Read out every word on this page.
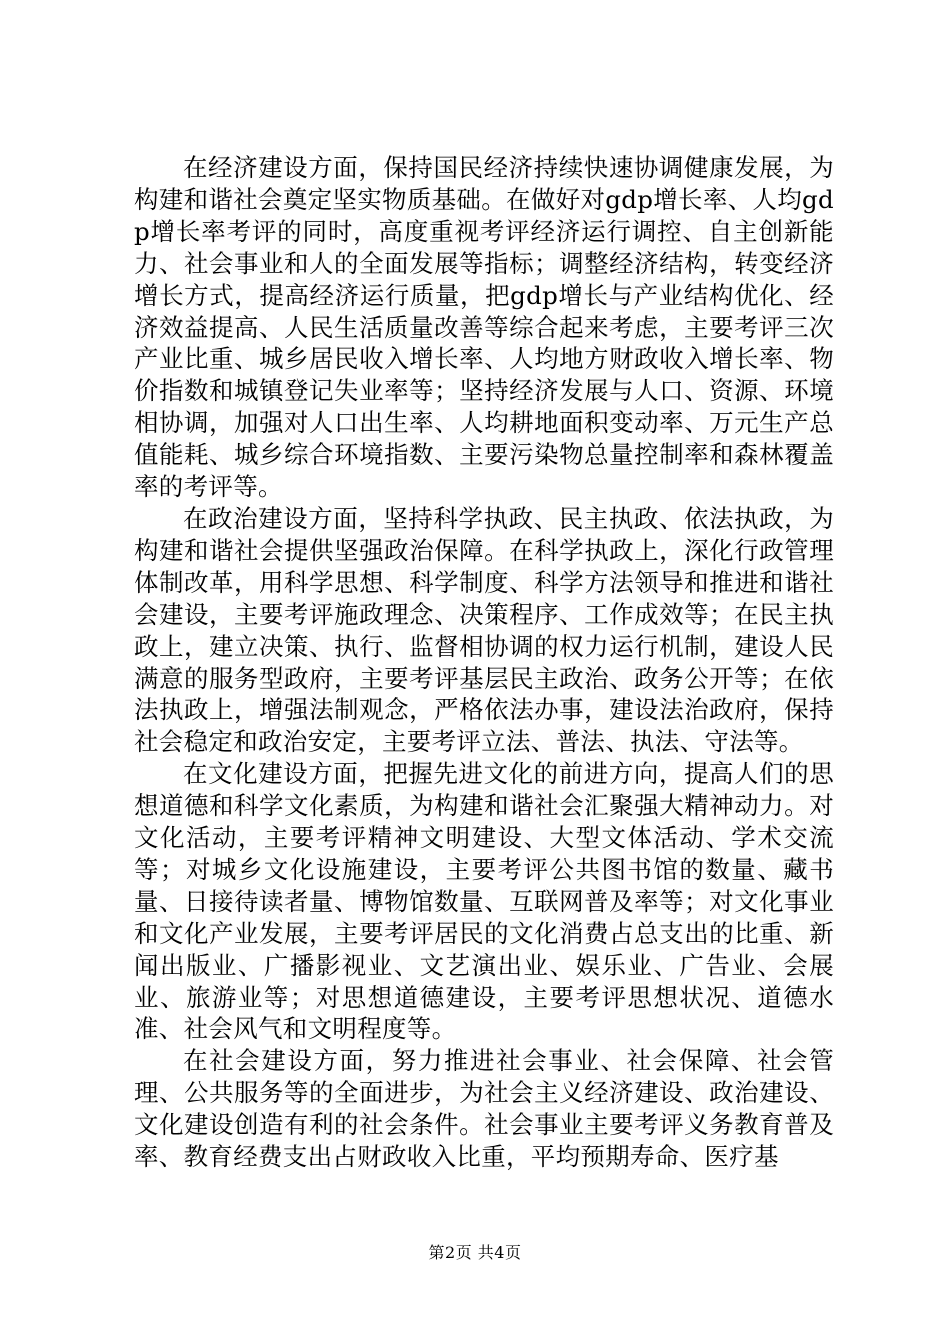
在经济建设方面，保持国民经济持续快速协调健康发展，为构建和谐社会奠定坚实物质基础。在做好对gdp增长率、人均gdp增长率考评的同时，高度重视考评经济运行调控、自主创新能力、社会事业和人的全面发展等指标；调整经济结构，转变经济增长方式，提高经济运行质量，把gdp增长与产业结构优化、经济效益提高、人民生活质量改善等综合起来考虑，主要考评三次产业比重、城乡居民收入增长率、人均地方财政收入增长率、物价指数和城镇登记失业率等；坚持经济发展与人口、资源、环境相协调，加强对人口出生率、人均耕地面积变动率、万元生产总值能耗、城乡综合环境指数、主要污染物总量控制率和森林覆盖率的考评等。

在政治建设方面，坚持科学执政、民主执政、依法执政，为构建和谐社会提供坚强政治保障。在科学执政上，深化行政管理体制改革，用科学思想、科学制度、科学方法领导和推进和谐社会建设，主要考评施政理念、决策程序、工作成效等；在民主执政上，建立决策、执行、监督相协调的权力运行机制，建设人民满意的服务型政府，主要考评基层民主政治、政务公开等；在依法执政上，增强法制观念，严格依法办事，建设法治政府，保持社会稳定和政治安定，主要考评立法、普法、执法、守法等。

在文化建设方面，把握先进文化的前进方向，提高人们的思想道德和科学文化素质，为构建和谐社会汇聚强大精神动力。对文化活动，主要考评精神文明建设、大型文体活动、学术交流等；对城乡文化设施建设，主要考评公共图书馆的数量、藏书量、日接待读者量、博物馆数量、互联网普及率等；对文化事业和文化产业发展，主要考评居民的文化消费占总支出的比重、新闻出版业、广播影视业、文艺演出业、娱乐业、广告业、会展业、旅游业等；对思想道德建设，主要考评思想状况、道德水准、社会风气和文明程度等。

在社会建设方面，努力推进社会事业、社会保障、社会管理、公共服务等的全面进步，为社会主义经济建设、政治建设、文化建设创造有利的社会条件。社会事业主要考评义务教育普及率、教育经费支出占财政收入比重，平均预期寿命、医疗基

第2页 共4页
